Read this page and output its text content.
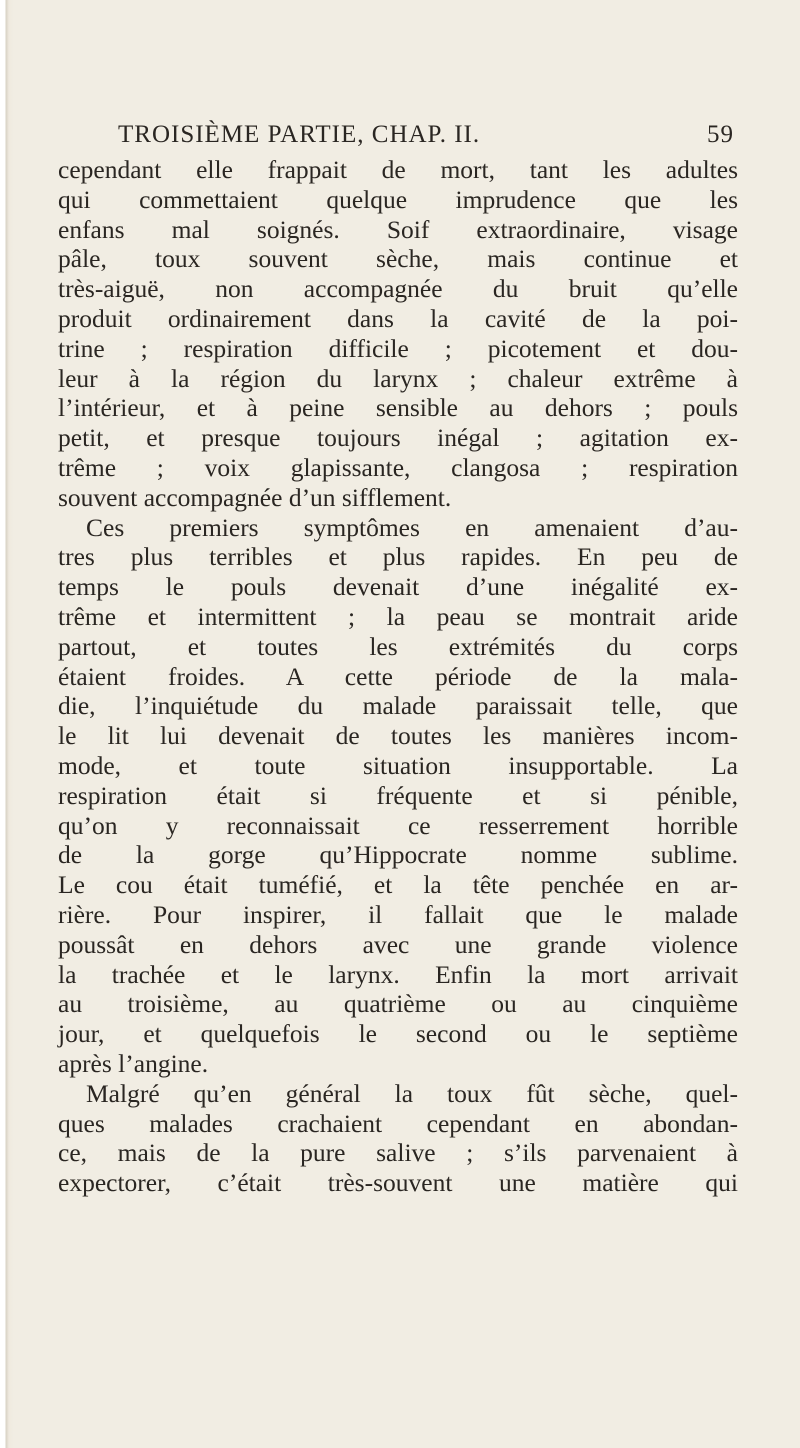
TROISIÈME PARTIE, CHAP. II.	59
cependant elle frappait de mort, tant les adultes
qui commettaient quelque imprudence que les
enfans mal soignés. Soif extraordinaire, visage
pâle, toux souvent sèche, mais continue et
très-aiguë, non accompagnée du bruit qu’elle
produit ordinairement dans la cavité de la poi-
trine ; respiration difficile ; picotement et dou-
leur à la région du larynx ; chaleur extrême à
l’intérieur, et à peine sensible au dehors ; pouls
petit, et presque toujours inégal ; agitation ex-
trême ; voix glapissante, clangosa ; respiration
souvent accompagnée d’un sifflement.
Ces premiers symptômes en amenaient d’au-
tres plus terribles et plus rapides. En peu de
temps le pouls devenait d’une inégalité ex-
trême et intermittent ; la peau se montrait aride
partout, et toutes les extrémités du corps
étaient froides. A cette période de la mala-
die, l’inquiétude du malade paraissait telle, que
le lit lui devenait de toutes les manières incom-
mode, et toute situation insupportable. La
respiration était si fréquente et si pénible,
qu’on y reconnaissait ce resserrement horrible
de la gorge qu’Hippocrate nomme sublime.
Le cou était tuméfié, et la tête penchée en ar-
rière. Pour inspirer, il fallait que le malade
poussât en dehors avec une grande violence
la trachée et le larynx. Enfin la mort arrivait
au troisième, au quatrième ou au cinquième
jour, et quelquefois le second ou le septième
après l’angine.
Malgré qu’en général la toux fût sèche, quel-
ques malades crachaient cependant en abondan-
ce, mais de la pure salive ; s’ils parvenaient à
expectorer, c’était très-souvent une matière qui
